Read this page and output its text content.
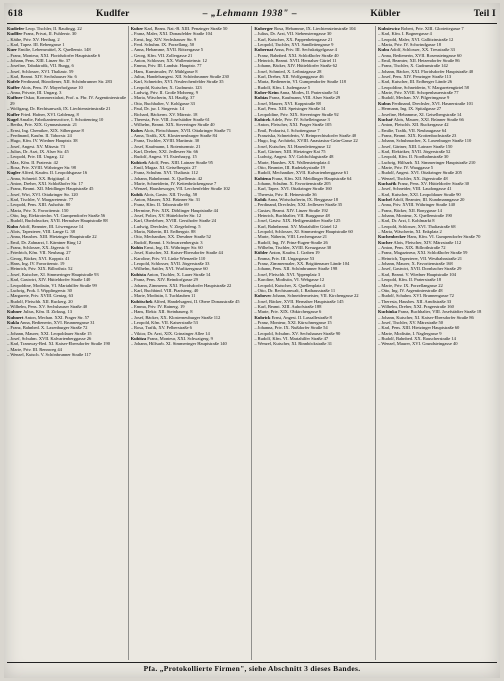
618	Kudlfer	– „Lehmann 1938" –	Kübler	Teil I

Kudiefer Leop. Tischler, II. Raufingg. 22

Kudlfer Franz, Privat, II. Fuhlerstr. 30

– Käthe, Priv. XV. Herthag. 2

– Karl, Tapez. III. Rebengasse 1

Kuer Emilie, Lebensmittel, X. Quellenstr. 148

– Franz, Monteur, XXI. Floridsdorfer Hauptstraße 6

– Johann, Pens. XIII. Linzer Str. 37

– Josefine, Tabaktrafik, VII. Burgg. 6

– Josef, Schlosser, XVI. Thaliastr. 59

– Karl, Beamt. XIV. Sechshauser Str. 6

Kufele Ferdinand, Bürodiener, XII. Schönbrunner Str. 283

Kuffer Alois, Pens. IV. Mayerhofgasse 10

– Anna, Private, III. Ungarg. 3

Kuffner Oskar, Kommerzialrat, Prof. u. Fbr. IV. Argentinierstraße 29

– Wolfgang, Dr. Rechtsanwalt, IX. Liechtensteinstraße 21

Kufler Fried. Hafner, XVI. Gablenzg. 8

Kugel Amalie, Fabrikantenswitwe, I. Schottenring 10

– Bertha, Priv. XIX. Gymnasiumstr. 21

– Ernst, Ing. Chemiker, XIX. Silbergasse 8

– Ferdinand, Kaufm. II. Taborstr. 24

– Hugo, Kfm. IV. Wiedner Hauptstr. 38

– Josef, Angest. XV. Märzstr. 73

– Julius, Dr. Arzt, IX. Alser Str. 45

– Leopold, Priv. III. Ungarg. 12

– Max, Kfm. II. Praterstr. 42

– Rosa, Priv. XVIII. Währinger Str. 98

Kugler Alfred, Kaufm. II. Leopoldsgasse 16

– Anna, Schneid. XX. Brigittapl. 4

– Anton, Dreher, XXI. Schloßhofer Str. 17

– Franz, Beamt. XII. Meidlinger Hauptstraße 45

– Josef, Wirt, XVI. Ottakringer Str. 120

– Karl, Tischler, V. Margaretenstr. 77

– Leopold, Pens. XIII. Auhofstr. 80

– Maria, Priv. X. Favoritenstr. 150

– Otto, Ing. Elektrotechn. VI. Gumpendorfer Straße 56

– Rudolf, Buchdrucker, XVII. Hernalser Hauptstraße 88

Kuhn Adolf, Beamter, III. Löwengasse 14

– Alois, Tapezierer, VIII. Lange G. 38

– Anna, Hausbes. XIII. Hietzinger Hauptstraße 22

– Emil, Dr. Zahnarzt, I. Kärntner Ring 12

– Franz, Schlosser, XX. Jägerstr. 6

– Friedrich, Kfm. VII. Neubaug. 27

– Georg, Bäcker, XVI. Koppstr. 41

– Hans, Ing. IV. Favoritenstr. 19

– Heinrich, Priv. XIX. Billrothstr. 52

– Josef, Kutscher, XI. Simmeringer Hauptstraße 93

– Karl, Gastwirt, XIV. Hütteldorfer Straße 140

– Leopoldine, Modistin, VI. Mariahilfer Straße 99

– Ludwig, Prok. I. Wipplingerstr. 30

– Margarete, Priv. XVIII. Gentzg. 63

– Rudolf, Fleischh. XII. Ruckerg. 20

– Wilhelm, Pens. XV. Sechshauser Straße 40

Kuhner Julius, Kfm. II. Zirkusg. 13

Kuhnert Anton, Mechan. XXI. Prager Str. 57

Kukla Anna, Bedienerin, XVI. Brunnengasse 31

– Franz, Bahnbed. X. Laxenburger Straße 72

– Johann, Maurer, XXI. Leopoldauer Straße 15

– Josef, Schuhm. XVII. Kalvarienberggasse 26

– Karl, Tramway-Bed. XI. Kaiser-Ebersdorfer Straße 190

– Marie, Priv. III. Rennweg 44

– Wenzel, Kutsch. V. Schönbrunner Straße 117

Kuber Karl, Beam. Nat.-B. XIII. Penzinger Straße 50

– Franz, Maler, XXI. Donaufelder Straße 104

– Ernst, Ing. XIV. Sechshauser Str. 9

– Ferd. Schuhm. IX. Porzellang. 50

– Anna, Hebamme, XVII. Rötzergasse 5

– Georg, Kfm. VII. Zollergasse 21

– Anton, Schlosser, XX. Wallensteinstr. 12

– Emma, Priv. III. Landstr. Hauptstr. 77

– Hans, Kunstmaler, IV. Mühlgasse 8

– Julius, Handelsangest. XII. Schönbrunner Straße 230

– Karl, Schneider, XVI. Neulerchenfelder Straße 35

– Leopold, Kutscher, X. Gudrunstr. 123

– Ludwig, Priv. II. Große Mohreng. 9

– Maria, Wäscherin, XI. Hauffg. 37

– Otto, Buchhalter, V. Kohlgasse 33

– Paul, Dr. jur. I. Singerstr. 14

– Richard, Bäckerm. XV. Märzstr. 18

– Theresia, Priv. VIII. Josefstädter Straße 61

– Wilhelm, Beamt. XIX. Sieveringer Straße 40

Kubes Alois, Fleischhauer, XVII. Ottakringer Straße 71

– Anna, Trafik, XX. Klosterneuburger Straße 84

– Franz, Tischler, XVIII. Martinstr. 30

– Josef, Kaufmann, I. Rotenturmstr. 21

– Karl, Dreher, XXI. Jedleseer Str. 66

– Rudolf, Angest. VI. Esterhazyg. 15

Kubicek Adolf, Pens. XIII. Lainzer Straße 95

– Emil, Magaz. XI. Geiselbergstr. 27

– Franz, Schuhm. XVI. Thaliastr. 112

– Johann, Bahnbeamt. X. Quellenstr. 42

– Marie, Schneiderin, IV. Kettenbrückengasse 7

– Wenzel, Hausbesorger, VII. Lerchenfelder Straße 102

Kubik Alois, Gastw. XII. Tivolig. 58

– Anton, Maurer, XXI. Brünner Str. 31

– Franz, Kfm. II. Taborstraße 69

– Hermine, Priv. XIX. Döblinger Hauptstraße 44

– Josef, Polier, XV. Hütteldorfer Str. 12

– Karl, Oberlehrer, XVIII. Gersthofer Straße 24

– Ludwig, Drechsler, V. Ziegelofeng. 5

– Maria, Näherin, III. Erdbergstr. 88

– Otto, Mechaniker, XX. Dresdner Straße 52

– Rudolf, Beamt. I. Schwarzenbergstr. 3

Kubin Ernst, Ing. IX. Währinger Str. 60

– Josef, Kutscher, XI. Kaiser-Ebersdorfer Straße 44

– Karoline, Priv. VI. Linke Wienzeile 110

– Leopold, Schlosser, XVII. Jörgerstraße 33

– Wilhelm, Sattler, XVI. Wurlitzergasse 60

Kubista Anton, Tischler, X. Laaer Straße 14

– Franz, Pens. XIV. Reindorfgasse 29

– Johann, Zimmerm. XXI. Floridsdorfer Hauptstraße 22

– Karl, Buchbind. VIII. Piaristeng. 40

– Marie, Modistin, I. Tuchlauben 11

Kubitschek Alfred, Handelsagent, II. Obere Donaustraße 45

– Emma, Priv. IV. Rainerg. 19

– Hans, Elektr. XII. Steinbauerg. 8

– Josef, Bäcker, XX. Klosterneuburger Straße 112

– Leopold, Kfm. VII. Kaiserstraße 53

– Rosa, Trafik, XV. Felberstraße 6

– Viktor, Dr. Arzt, XIX. Grinzinger Allee 14

Kubitza Franz, Monteur, XXI. Schwaigerg. 9

– Johann, Hilfsarb. XI. Simmeringer Hauptstraße 140

Kuberger Rosa, Hebamme, IX. Liechtensteinstraße 104

– Julius, Dr. Arzt, VII. Siebensterngasse 30

– Karl, Kutscher, XX. Pappenheimgasse 21

– Leopold, Tischler, XVI. Sandleitengasse 9

Kubernat Anna, Priv. III. Sechskrügelgasse 4

– Franz, Bahnbed. XXI. Schloßhofer Straße 40

– Heinrich, Beamt. XVII. Hernalser Gürtel 11

– Johann, Bäcker, XIV. Hütteldorfer Straße 62

– Josef, Schmied, X. Leibnizgasse 28

– Karl, Dreher, XII. Wolfganggasse 46

– Maria, Bedienerin, VI. Gumpendorfer Straße 118

– Rudolf, Kfm. I. Judengasse 5

Kuber-Keim Anna, Modes, II. Praterstraße 54

Kubias Franz, Kaufmann, VIII. Alser Straße 29

– Josef, Maurer, XVI. Koppstraße 88

– Karl, Pens. XIII. Speisinger Straße 14

– Leopoldine, Priv. XIX. Sieveringer Straße 92

Kubicek Adele, Priv. IV. Schelleingasse 3

– Anton, Fleischer, XXI. Prager Straße 105

– Emil, Prokurist, I. Schottengasse 7

– Franziska, Schneiderin, V. Reinprechtsdorfer Straße 40

– Hugo, Ing. Architekt, XVIII. Anastasius-Grün-Gasse 22

– Josef, Kutscher, XI. Hasenleitengasse 12

– Karl, Gärtner, XIII. Hietzinger Kai 75

– Ludwig, Angest. XV. Goldschlagstraße 48

– Marie, Hausbes. XX. Wallensteinplatz 4

– Otto, Beamter, III. Radetzkystraße 19

– Rudolf, Mechaniker, XVII. Kalvarienberggasse 61

Kubiena Franz, Kfm. XII. Meidlinger Hauptstraße 64

– Johann, Schuhm. X. Favoritenstraße 205

– Karl, Tapez. XVI. Ottakringer Straße 160

– Theresia, Priv. II. Heinestraße 36

Kubik Anna, Wirtschafterin, IX. Berggasse 18

– Ferdinand, Drechsler, XXI. Jedleseer Straße 35

– Gustav, Beamt. XIV. Linzer Straße 192

– Heinrich, Buchhalter, VII. Burggasse 48

– Josef, Gastw. XIX. Heiligenstädter Straße 125

– Karl, Bahnbeamt. XV. Mariahilfer Gürtel 12

– Leopold, Schlosser, XI. Simmeringer Hauptstraße 60

– Marie, Näherin, VIII. Lerchengasse 21

– Rudolf, Ing. IV. Prinz-Eugen-Straße 26

– Wilhelm, Tischler, XVIII. Kreuzgasse 30

Kübler Anton, Kaufm. I. Graben 19

– Emma, Priv. III. Ungargasse 53

– Franz, Zimmermaler, XX. Brigittenauer Lände 104

– Johann, Pens. XII. Schönbrunner Straße 198

– Josef, Fleischh. XVI. Yppenplatz 3

– Karoline, Modistin, VI. Webgasse 12

– Leopold, Kutscher, X. Quellenplatz 4

– Otto, Dr. Rechtsanwalt, I. Rathausstraße 11

Kubovec Johann, Schneidermeister, VII. Kirchengasse 22

– Josef, Bäcker, XVII. Hernalser Hauptstraße 145

– Karl, Beamt. XIII. Auhofstraße 188

– Marie, Priv. XIX. Obkirchergasse 6

Kubrick Ernst, Angest. II. Lassallestraße 8

– Franz, Monteur, XXI. Kürschnergasse 15

– Johanna, Priv. IX. Nußdorfer Straße 54

– Leopold, Schuhm. XV. Sechshauser Straße 90

– Rudolf, Kfm. VI. Mariahilfer Straße 47

– Wenzel, Kutscher, XI. Rinnböckstraße 31

Kubsiewicz Robert, Priv. XIII. Gloriettegasse 7

– Karl, Kfm. I. Bognergasse 4

– Leopold, Maler, XVI. Gallitzinstraße 12

– Maria, Priv. IV. Schwindgasse 18

Kubu Adolf, Schlosser, XX. Treustraße 33

– Anna, Bedienerin, XVII. Rosensteingasse 60

– Emil, Beamter, XII. Hetzendorfer Straße 86

– Franz, Tischler, X. Gudrunstraße 142

– Johann, Bäcker, XXI. Floridsdorfer Hauptstraße 40

– Josef, Pens. XIV. Penzinger Straße 113

– Karl, Kutscher, III. Erdberger Lände 26

– Leopoldine, Schneiderin, V. Margaretengürtel 58

– Marie, Priv. XVIII. Schopenhauerstraße 77

– Rudolf, Mechan. XV. Pilgerimgasse 9

Kubus Ferdinand, Drechsler, XVI. Hasnerstraße 101

– Hermann, Ing. IX. Spitalgasse 27

– Josefine, Hebamme, XI. Geiselbergstraße 14

Kuchař Alois, Maurer, XXI. Brünner Straße 66

– Anton, Fleischh. XII. Ruckergasse 42

– Emilie, Trafik, VII. Neubaugasse 64

– Franz, Beamt. XIX. Krottenbachstraße 23

– Johann, Schuhmacher, X. Laxenburger Straße 110

– Josef, Gärtner, XIII. Lainzer Straße 150

– Karl, Elektriker, XVII. Jörgerstraße 52

– Leopold, Kfm. II. Nordbahnstraße 30

– Ludwig, Hilfsarb. XI. Simmeringer Hauptstraße 210

– Marie, Priv. IV. Waaggasse 5

– Rudolf, Angest. XVI. Ottakringer Straße 205

– Wenzel, Tischler, XX. Jägerstraße 48

Kuchařik Franz, Pens. XV. Hütteldorfer Straße 30

– Josef, Schneider, VIII. Laudongasse 41

– Karl, Kutscher, XXI. Leopoldauer Straße 90

Kuchel Adolf, Beamter, III. Kundmanngasse 20

– Anna, Priv. XVIII. Währinger Straße 140

– Franz, Bäcker, XII. Bonygasse 14

– Johann, Monteur, X. Quellenstraße 190

– Karl, Dr. Arzt, I. Kohlmarkt 8

– Leopold, Schlosser, XVI. Thaliastraße 68

– Maria, Wäscherin, XI. Enkplatz 2

Kuchenbecker Hans, Kfm. VI. Gumpendorfer Straße 70

Kucher Alois, Fleischer, XIV. Märzstraße 112

– Anton, Pens. XIX. Billrothstraße 72

– Franz, Magazineur, XXI. Schloßhofer Straße 59

– Heinrich, Tapezierer, VII. Westbahnstraße 21

– Johann, Maurer, X. Favoritenstraße 168

– Josef, Gastwirt, XVII. Dornbacher Straße 29

– Karl, Beamt. V. Wiedner Hauptstraße 104

– Leopold, Kfm. II. Praterstraße 18

– Marie, Priv. IX. Porzellangasse 22

– Otto, Ing. IV. Argentinierstraße 48

– Rudolf, Schuhm. XVI. Brunnengasse 72

– Theresia, Hausbes. XII. Arndtstraße 33

– Wilhelm, Dreher, XXI. Pragerstraße 160

Kuchinka Franz, Buchhalter, VIII. Josefstädter Straße 18

– Johann, Kutscher, XI. Kaiser-Ebersdorfer Straße 86

– Josef, Tischler, XV. Märzstraße 50

– Karl, Pens. XIII. Hietzinger Hauptstraße 60

– Marie, Modistin, I. Naglergasse 9

– Rudolf, Bahnbed. XX. Rauscherstraße 14

– Wenzel, Maurer, XVI. Grundsteingasse 40

Pfa. „Protokollierte Firmen", siehe Abschnitt 3 dieses Bandes.
